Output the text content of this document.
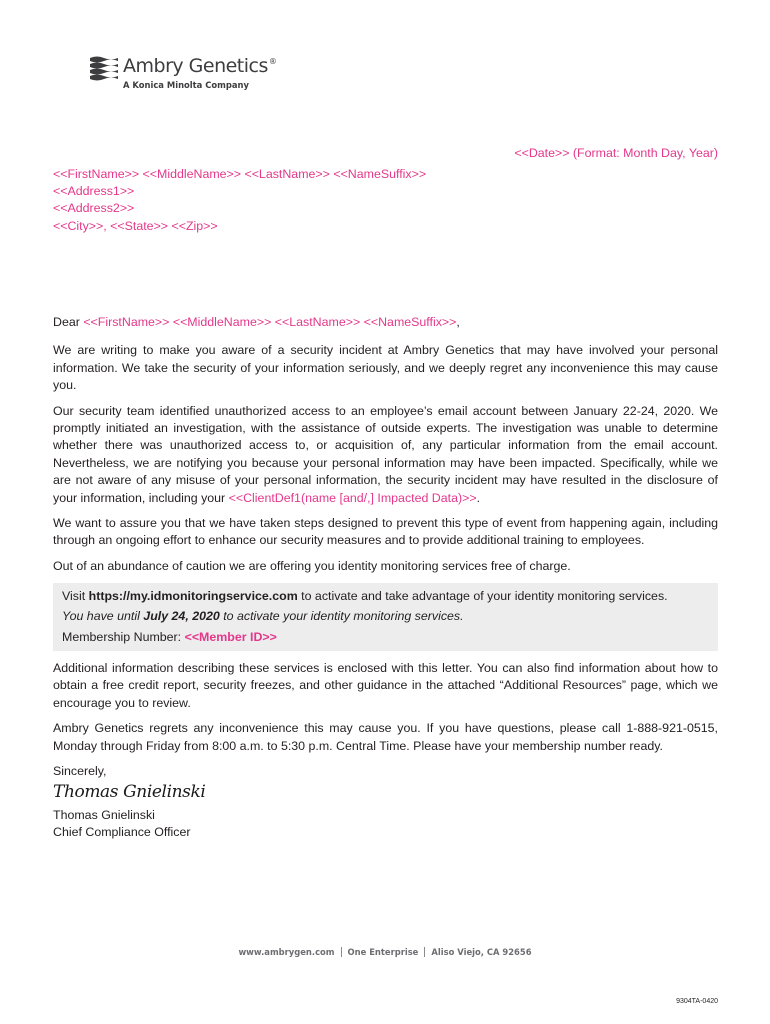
Ambry Genetics®
A Konica Minolta Company
<<Date>> (Format: Month Day, Year)
<<FirstName>> <<MiddleName>> <<LastName>> <<NameSuffix>>
<<Address1>>
<<Address2>>
<<City>>, <<State>> <<Zip>>

Dear <<FirstName>> <<MiddleName>> <<LastName>> <<NameSuffix>>,

We are writing to make you aware of a security incident at Ambry Genetics that may have involved your personal information. We take the security of your information seriously, and we deeply regret any inconvenience this may cause you.

Our security team identified unauthorized access to an employee’s email account between January 22-24, 2020. We promptly initiated an investigation, with the assistance of outside experts. The investigation was unable to determine whether there was unauthorized access to, or acquisition of, any particular information from the email account. Nevertheless, we are notifying you because your personal information may have been impacted. Specifically, while we are not aware of any misuse of your personal information, the security incident may have resulted in the disclosure of your information, including your <<ClientDef1(name [and/,] Impacted Data)>>.

We want to assure you that we have taken steps designed to prevent this type of event from happening again, including through an ongoing effort to enhance our security measures and to provide additional training to employees.

Out of an abundance of caution we are offering you identity monitoring services free of charge.

Visit https://my.idmonitoringservice.com to activate and take advantage of your identity monitoring services.
You have until July 24, 2020 to activate your identity monitoring services.
Membership Number: <<Member ID>>

Additional information describing these services is enclosed with this letter. You can also find information about how to obtain a free credit report, security freezes, and other guidance in the attached “Additional Resources” page, which we encourage you to review.

Ambry Genetics regrets any inconvenience this may cause you. If you have questions, please call 1-888-921-0515, Monday through Friday from 8:00 a.m. to 5:30 p.m. Central Time. Please have your membership number ready.

Sincerely,
Thomas Gnielinski
Thomas Gnielinski
Chief Compliance Officer
www.ambrygen.com One Enterprise Aliso Viejo, CA 92656
9304TA-0420
